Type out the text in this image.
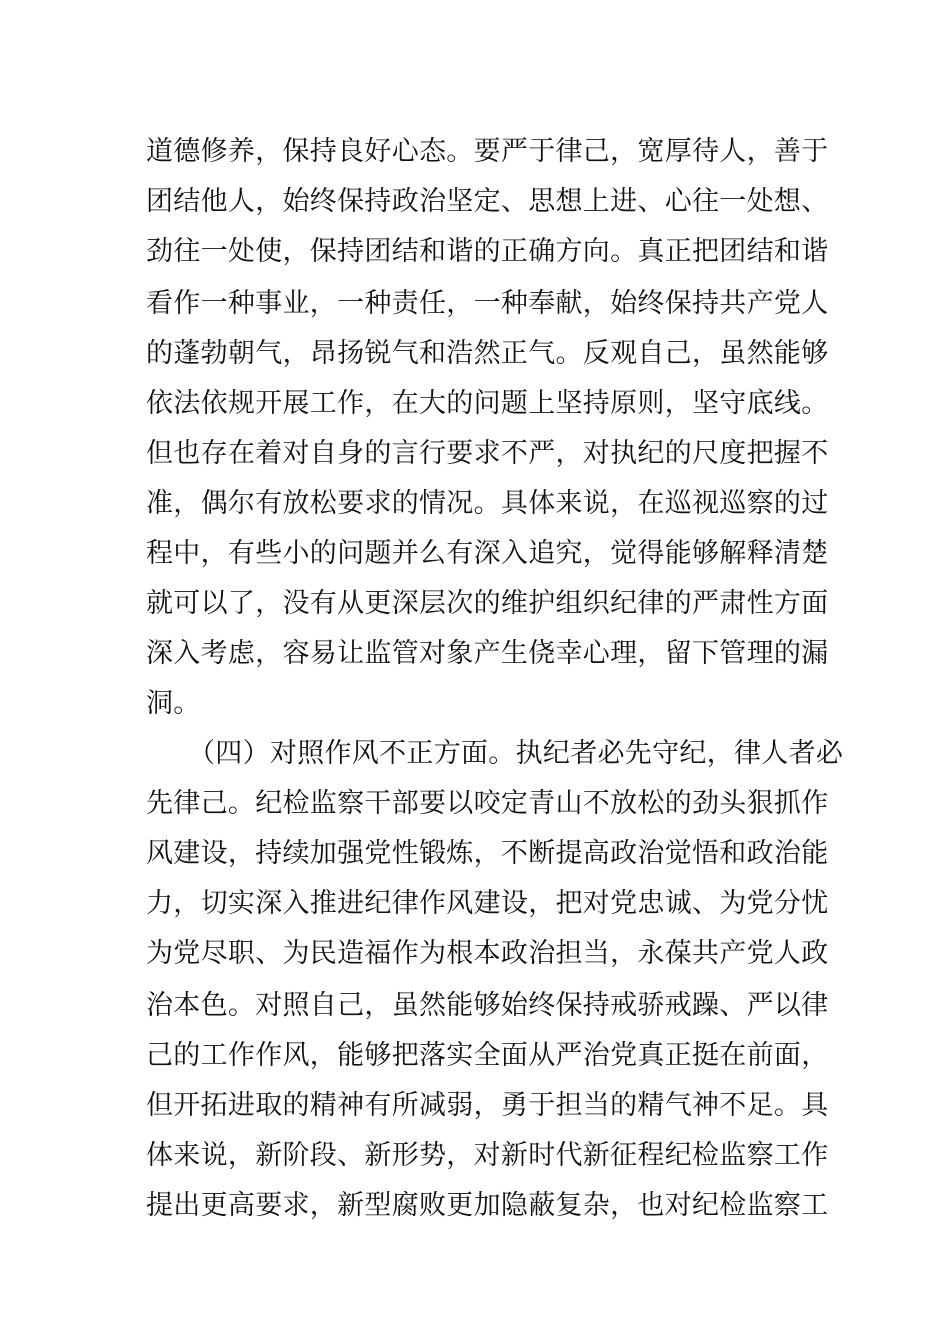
道德修养，保持良好心态。要严于律己，宽厚待人，善于
团结他人，始终保持政治坚定、思想上进、心往一处想、
劲往一处使，保持团结和谐的正确方向。真正把团结和谐
看作一种事业，一种责任，一种奉献，始终保持共产党人
的蓬勃朝气，昂扬锐气和浩然正气。反观自己，虽然能够
依法依规开展工作，在大的问题上坚持原则，坚守底线。
但也存在着对自身的言行要求不严，对执纪的尺度把握不
准，偶尔有放松要求的情况。具体来说，在巡视巡察的过
程中，有些小的问题并么有深入追究，觉得能够解释清楚
就可以了，没有从更深层次的维护组织纪律的严肃性方面
深入考虑，容易让监管对象产生侥幸心理，留下管理的漏
洞。
（四）对照作风不正方面。执纪者必先守纪，律人者必
先律己。纪检监察干部要以咬定青山不放松的劲头狠抓作
风建设，持续加强党性锻炼，不断提高政治觉悟和政治能
力，切实深入推进纪律作风建设，把对党忠诚、为党分忧
为党尽职、为民造福作为根本政治担当，永葆共产党人政
治本色。对照自己，虽然能够始终保持戒骄戒躁、严以律
己的工作作风，能够把落实全面从严治党真正挺在前面，
但开拓进取的精神有所减弱，勇于担当的精气神不足。具
体来说，新阶段、新形势，对新时代新征程纪检监察工作
提出更高要求，新型腐败更加隐蔽复杂，也对纪检监察工
